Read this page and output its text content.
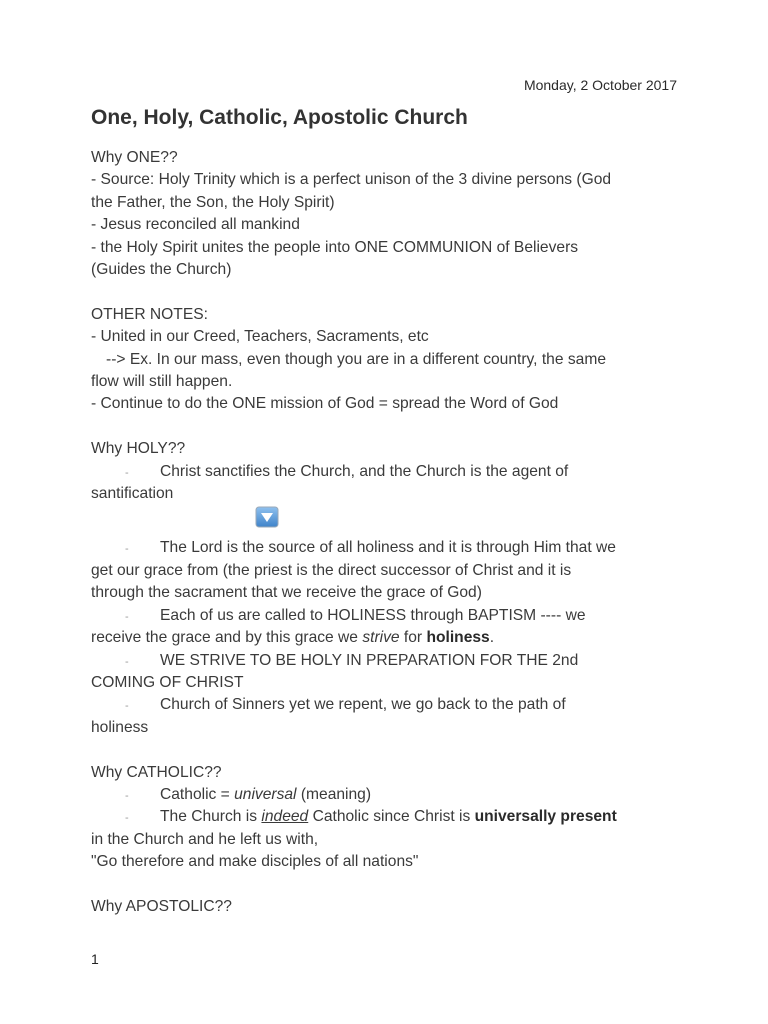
Monday, 2 October 2017
One, Holy, Catholic, Apostolic Church
Why ONE??
- Source: Holy Trinity which is a perfect unison of the 3 divine persons (God
the Father, the Son, the Holy Spirit)
- Jesus reconciled all mankind
- the Holy Spirit unites the people into ONE COMMUNION of Believers
(Guides the Church)
OTHER NOTES:
- United in our Creed, Teachers, Sacraments, etc
--> Ex. In our mass, even though you are in a different country, the same
flow will still happen.
- Continue to do the ONE mission of God = spread the Word of God
Why HOLY??
- Christ sanctifies the Church, and the Church is the agent of
santification
- The Lord is the source of all holiness and it is through Him that we
get our grace from (the priest is the direct successor of Christ and it is
through the sacrament that we receive the grace of God)
- Each of us are called to HOLINESS through BAPTISM ---- we
receive the grace and by this grace we strive for holiness.
- WE STRIVE TO BE HOLY IN PREPARATION FOR THE 2nd
COMING OF CHRIST
- Church of Sinners yet we repent, we go back to the path of
holiness
Why CATHOLIC??
- Catholic = universal (meaning)
- The Church is indeed Catholic since Christ is universally present
in the Church and he left us with,
"Go therefore and make disciples of all nations"
Why APOSTOLIC??
1
